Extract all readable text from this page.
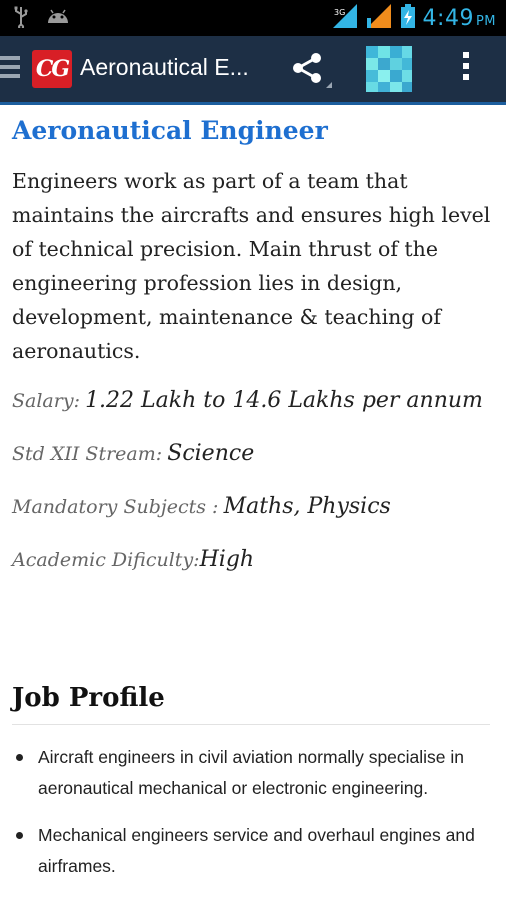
3G	4:49 PM
CG Aeronautical E...
Aeronautical Engineer

Engineers work as part of a team that maintains the aircrafts and ensures high level of technical precision. Main thrust of the engineering profession lies in design, development, maintenance & teaching of aeronautics.

Salary: 1.22 Lakh to 14.6 Lakhs per annum

Std XII Stream: Science

Mandatory Subjects : Maths, Physics

Academic Dificulty:High

Job Profile
Aircraft engineers in civil aviation normally specialise in aeronautical mechanical or electronic engineering.
Mechanical engineers service and overhaul engines and airframes.
